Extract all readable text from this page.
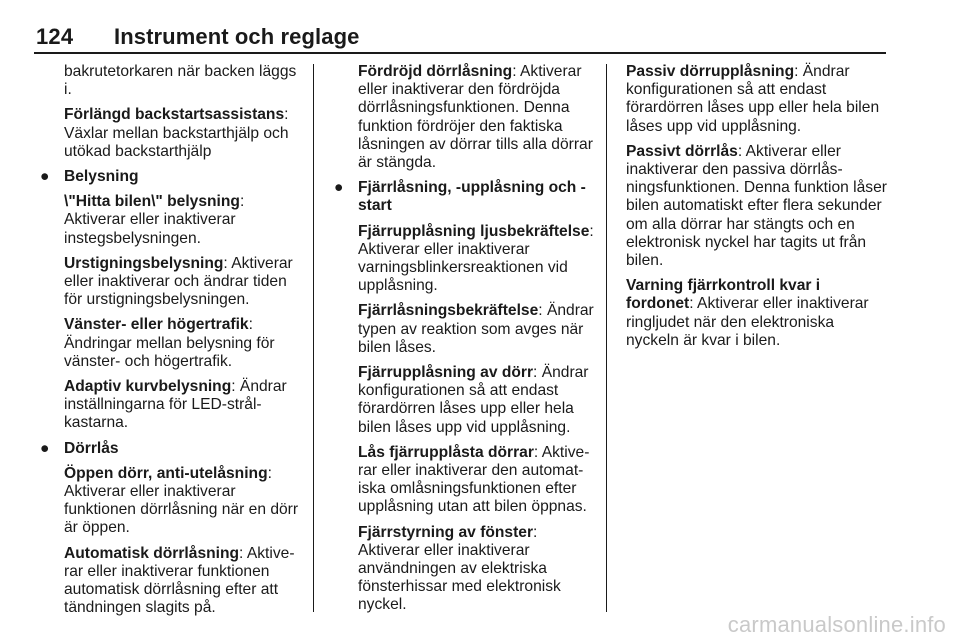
124 Instrument och reglage

bakrutetorkaren när backen läggs i.

Förlängd backstartsassistans: Växlar mellan backstarthjälp och utökad backstarthjälp

● Belysning

\"Hitta bilen\" belysning: Aktiverar eller inaktiverar instegsbelysningen.

Urstigningsbelysning: Aktiverar eller inaktiverar och ändrar tiden för urstigningsbelysningen.

Vänster- eller högertrafik: Ändringar mellan belysning för vänster- och högertrafik.

Adaptiv kurvbelysning: Ändrar inställningarna för LED-strålkastarna.

● Dörrlås

Öppen dörr, anti-utelåsning: Aktiverar eller inaktiverar funktionen dörrlåsning när en dörr är öppen.

Automatisk dörrlåsning: Aktiverar eller inaktiverar funktionen automatisk dörrlåsning efter att tändningen slagits på.

Fördröjd dörrlåsning: Aktiverar eller inaktiverar den fördröjda dörrlåsningsfunktionen. Denna funktion fördröjer den faktiska låsningen av dörrar tills alla dörrar är stängda.

● Fjärrlåsning, -upplåsning och -start

Fjärrupplåsning ljusbekräftelse: Aktiverar eller inaktiverar varningsblinkersreaktionen vid upplåsning.

Fjärrlåsningsbekräftelse: Ändrar typen av reaktion som avges när bilen låses.

Fjärrupplåsning av dörr: Ändrar konfigurationen så att endast förardörren låses upp eller hela bilen låses upp vid upplåsning.

Lås fjärrupplåsta dörrar: Aktiverar eller inaktiverar den automatiska omlåsningsfunktionen efter upplåsning utan att bilen öppnas.

Fjärrstyrning av fönster: Aktiverar eller inaktiverar användningen av elektriska fönsterhissar med elektronisk nyckel.

Passiv dörrupplåsning: Ändrar konfigurationen så att endast förardörren låses upp eller hela bilen låses upp vid upplåsning.

Passivt dörrlås: Aktiverar eller inaktiverar den passiva dörrlåsningsfunktionen. Denna funktion låser bilen automatiskt efter flera sekunder om alla dörrar har stängts och en elektronisk nyckel har tagits ut från bilen.

Varning fjärrkontroll kvar i fordonet: Aktiverar eller inaktiverar ringljudet när den elektroniska nyckeln är kvar i bilen.

carmanualsonline.info
